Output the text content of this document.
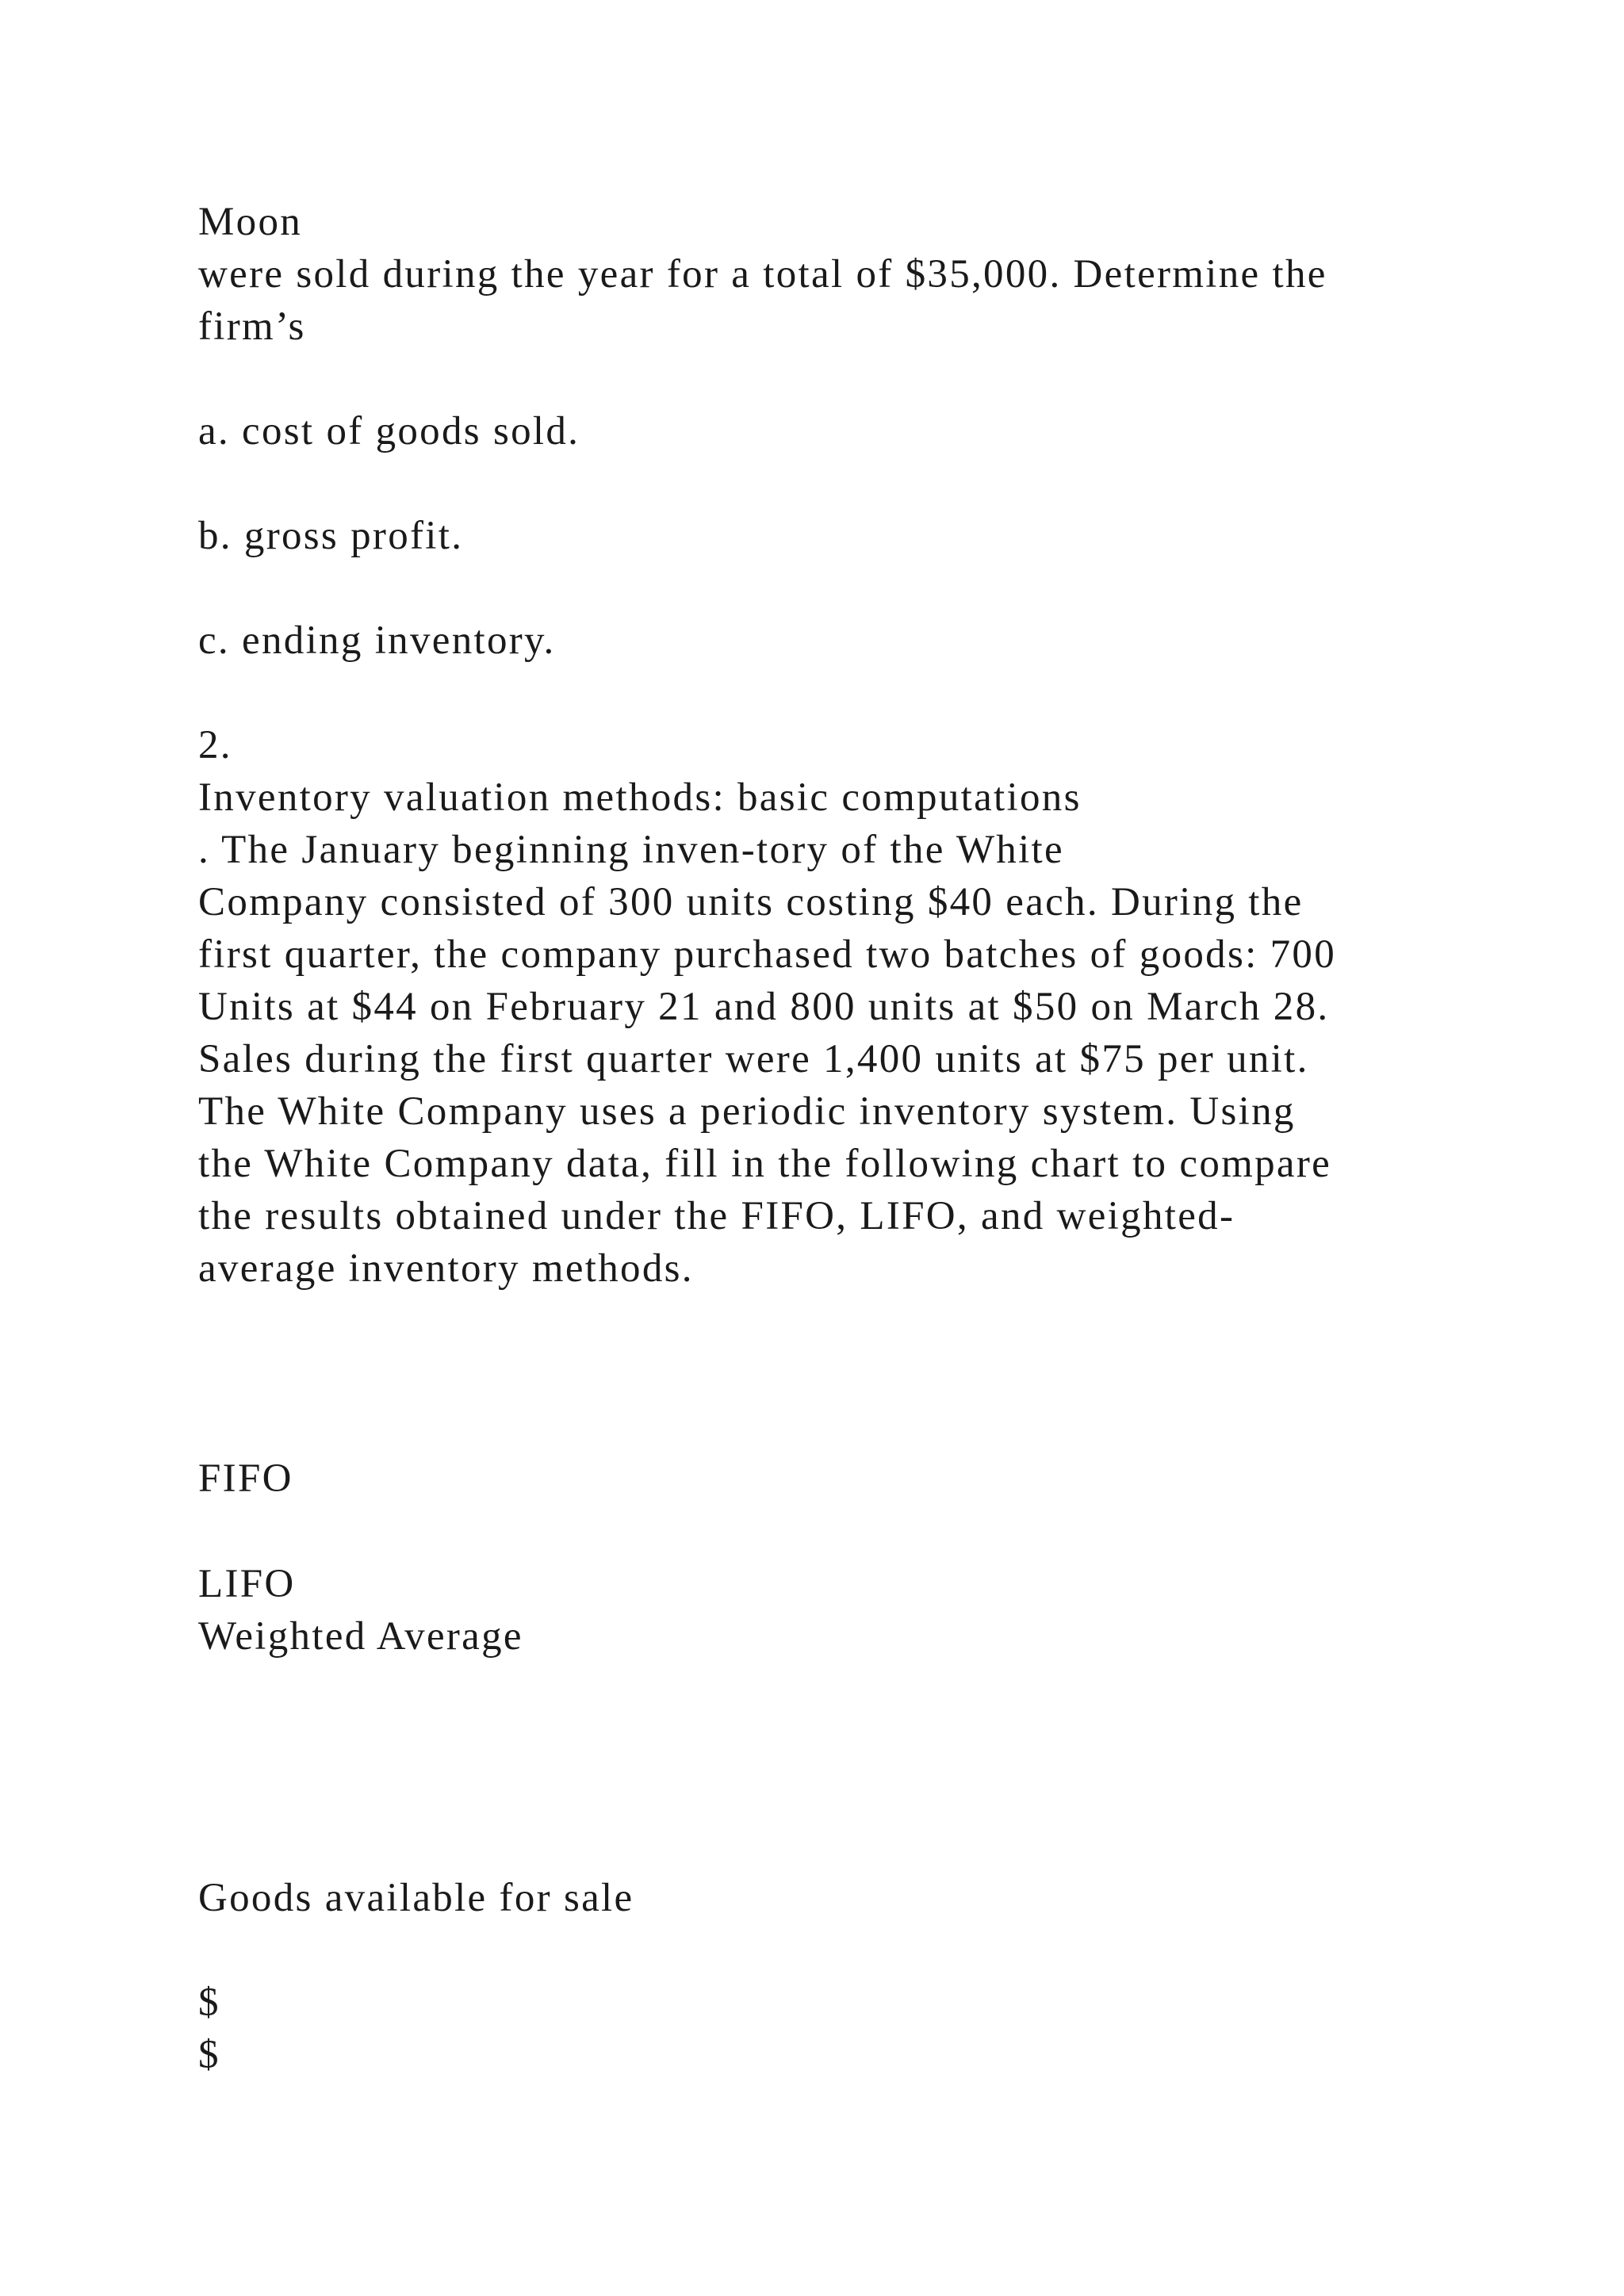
Moon

were sold during the year for a total of $35,000. Determine the

firm’s

a. cost of goods sold.

b. gross profit.

c. ending inventory.

2.

Inventory valuation methods: basic computations

. The January beginning inven-tory of the White

Company consisted of 300 units costing $40 each. During the

first quarter, the company purchased two batches of goods: 700

Units at $44 on February 21 and 800 units at $50 on March 28.

Sales during the first quarter were 1,400 units at $75 per unit.

The White Company uses a periodic inventory system. Using

the White Company data, fill in the following chart to compare

the results obtained under the FIFO, LIFO, and weighted-

average inventory methods.

FIFO

LIFO

Weighted Average

Goods available for sale

$

$
